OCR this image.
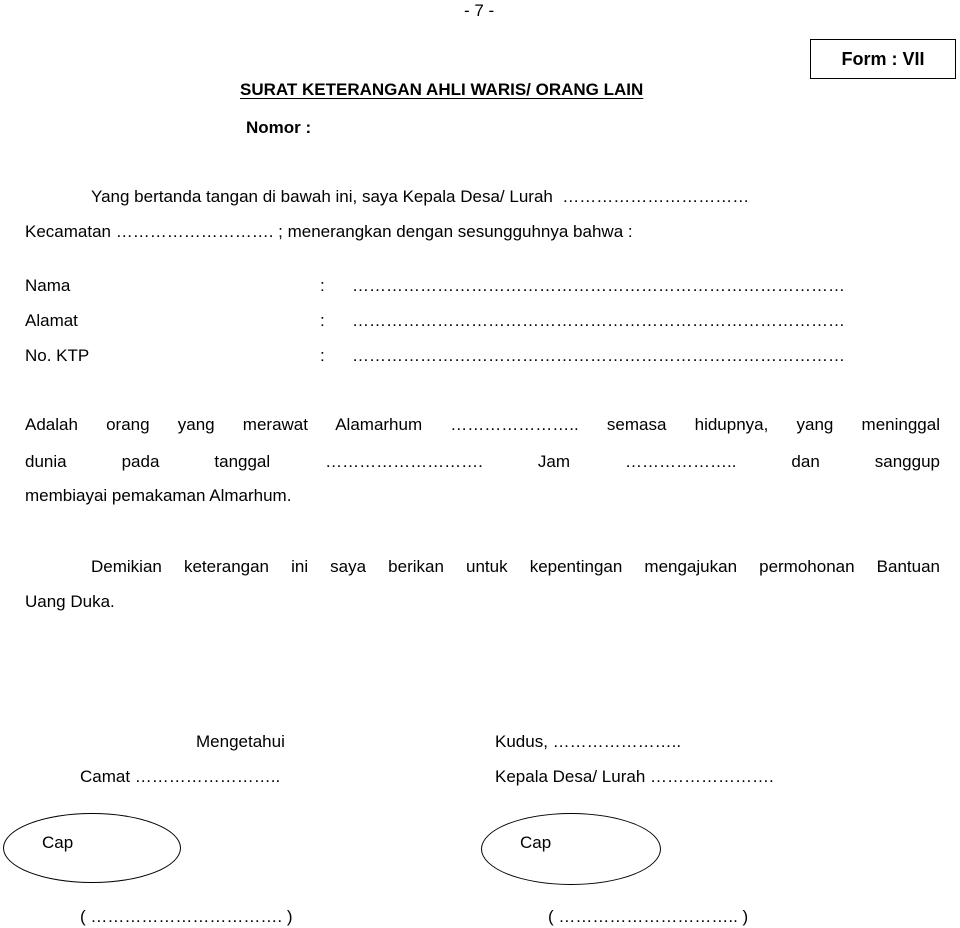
- 7 -
Form : VII
SURAT KETERANGAN AHLI WARIS/ ORANG LAIN
Nomor :
Yang bertanda tangan di bawah ini, saya Kepala Desa/ Lurah  ……………………………
Kecamatan ………………………. ; menerangkan dengan sesungguhnya bahwa :
Nama	: ……………………………………………………………………………
Alamat	: ……………………………………………………………………………
No. KTP	: ……………………………………………………………………………
Adalah orang yang merawat Alamarhum ………………….. semasa hidupnya, yang meninggal
dunia pada tanggal ………………………. Jam ……………….. dan sanggup
membiayai pemakaman Almarhum.
Demikian keterangan ini saya berikan untuk kepentingan mengajukan permohonan Bantuan
Uang Duka.
Mengetahui
Camat ……………………..
Kudus, …………………..
Kepala Desa/ Lurah ………………….
Cap	Cap
( ……………………………. )	( ………………………….. )
